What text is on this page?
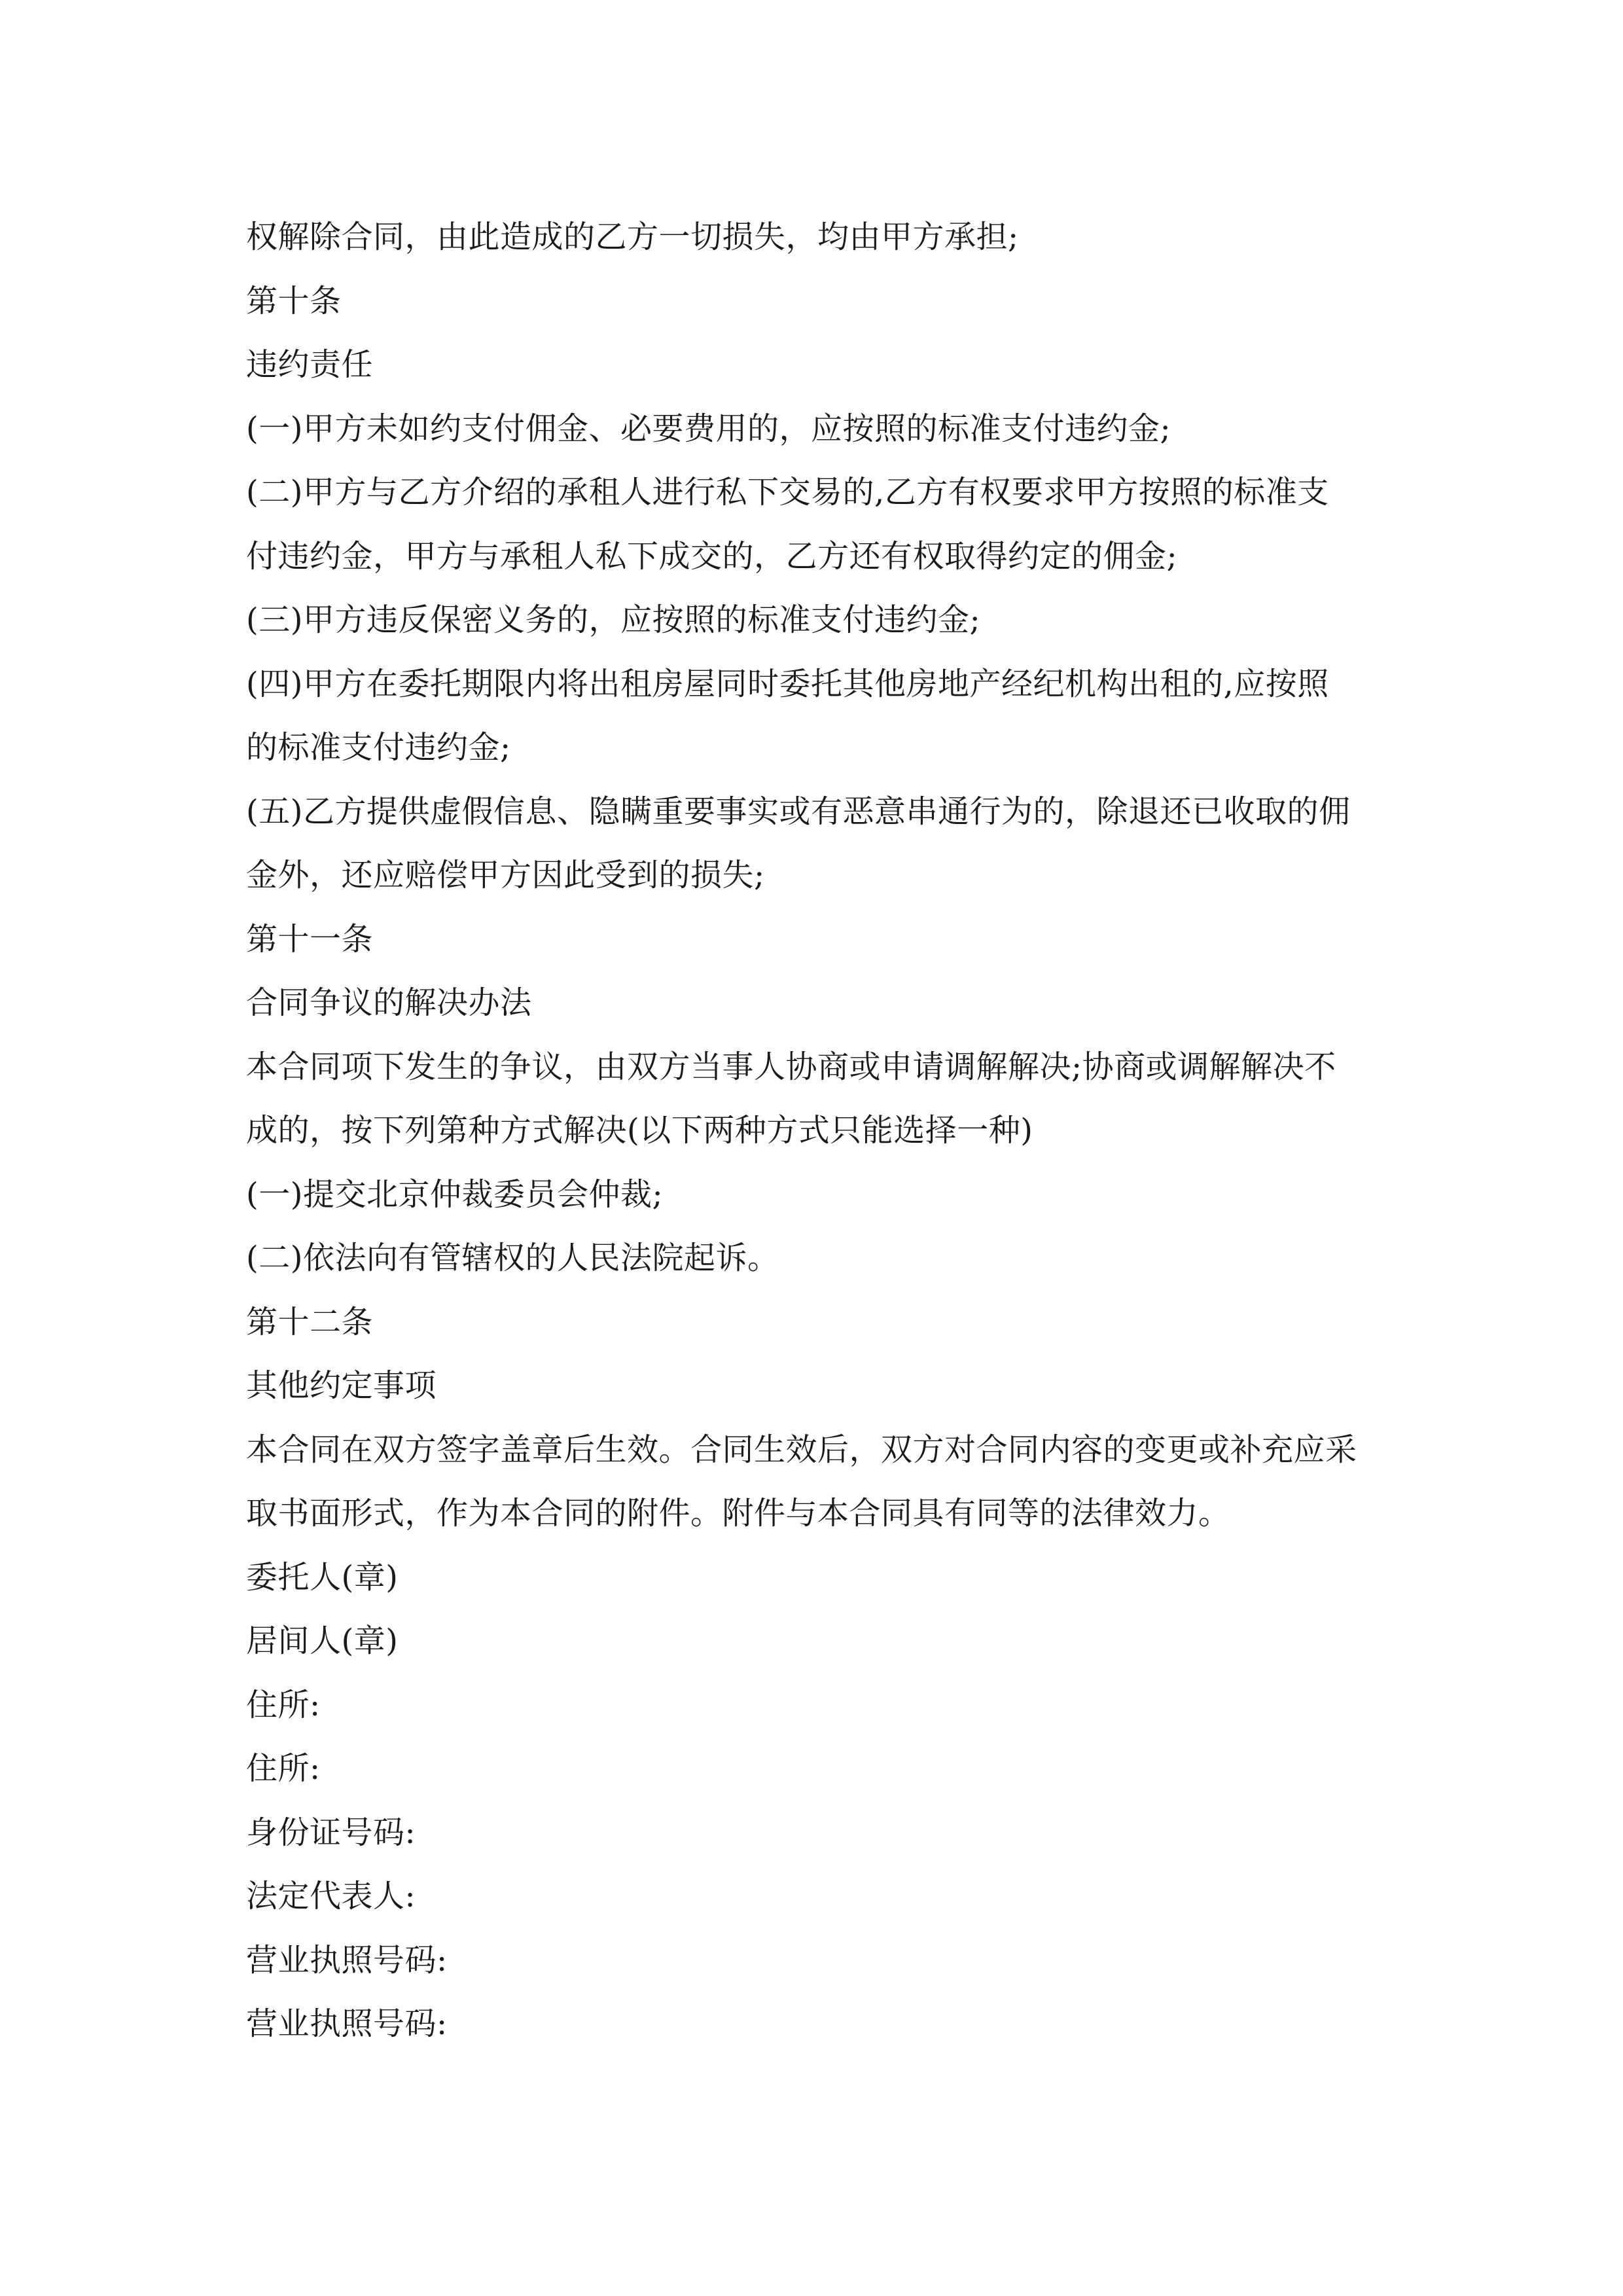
权解除合同，由此造成的乙方一切损失，均由甲方承担;

第十条

违约责任

(一)甲方未如约支付佣金、必要费用的，应按照的标准支付违约金;

(二)甲方与乙方介绍的承租人进行私下交易的,乙方有权要求甲方按照的标准支

付违约金，甲方与承租人私下成交的，乙方还有权取得约定的佣金;

(三)甲方违反保密义务的，应按照的标准支付违约金;

(四)甲方在委托期限内将出租房屋同时委托其他房地产经纪机构出租的,应按照

的标准支付违约金;

(五)乙方提供虚假信息、隐瞒重要事实或有恶意串通行为的，除退还已收取的佣

金外，还应赔偿甲方因此受到的损失;

第十一条

合同争议的解决办法

本合同项下发生的争议，由双方当事人协商或申请调解解决;协商或调解解决不

成的，按下列第种方式解决(以下两种方式只能选择一种)

(一)提交北京仲裁委员会仲裁;

(二)依法向有管辖权的人民法院起诉。

第十二条

其他约定事项

本合同在双方签字盖章后生效。合同生效后，双方对合同内容的变更或补充应采

取书面形式，作为本合同的附件。附件与本合同具有同等的法律效力。

委托人(章)

居间人(章)

住所:

住所:

身份证号码:

法定代表人:

营业执照号码:

营业执照号码:
